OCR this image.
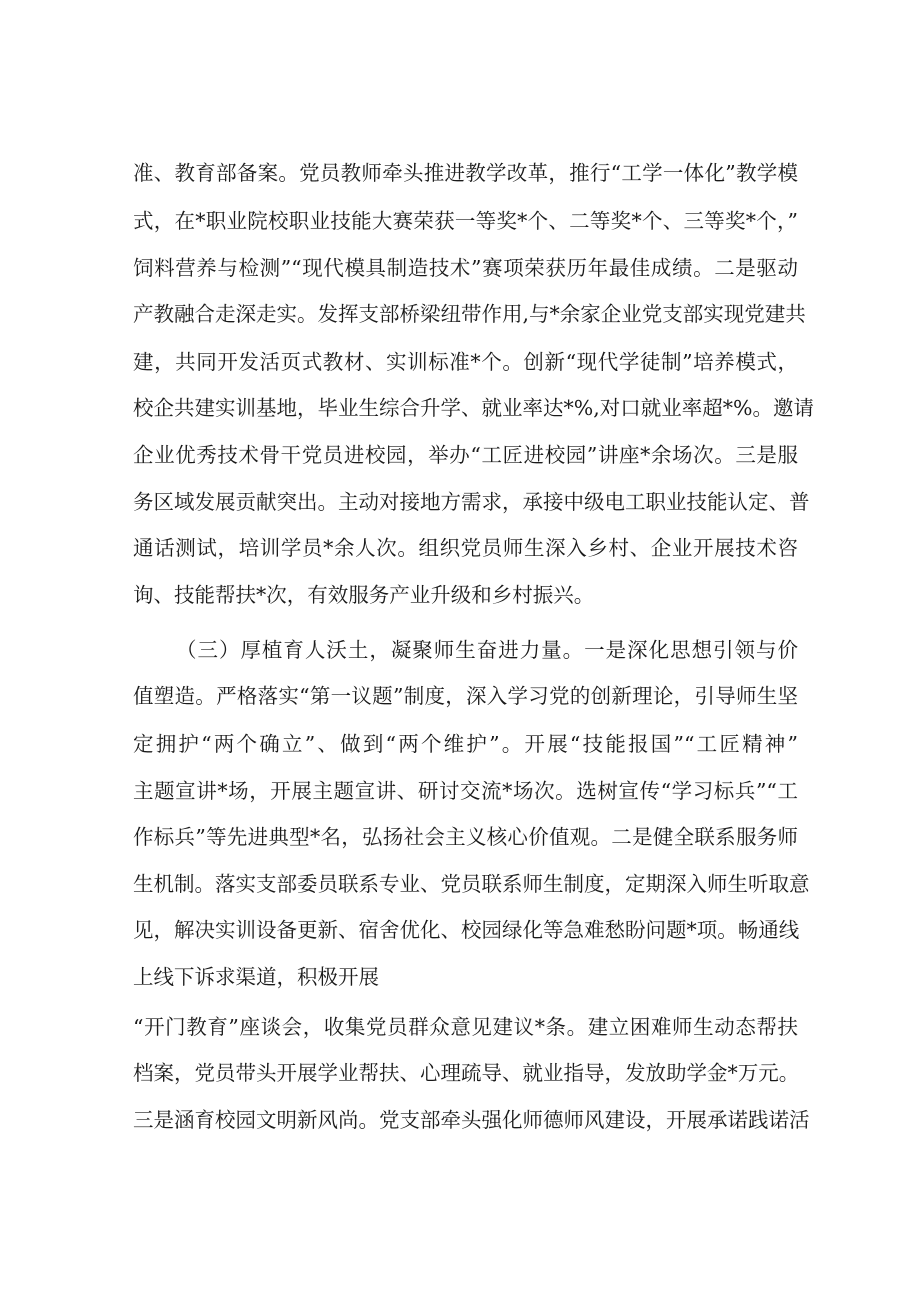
准、教育部备案。党员教师牵头推进教学改革，推行“工学一体化”教学模
式，在*职业院校职业技能大赛荣获一等奖*个、二等奖*个、三等奖*个，”
饲料营养与检测”“现代模具制造技术”赛项荣获历年最佳成绩。二是驱动
产教融合走深走实。发挥支部桥梁纽带作用,与*余家企业党支部实现党建共
建，共同开发活页式教材、实训标准*个。创新“现代学徒制”培养模式，
校企共建实训基地，毕业生综合升学、就业率达*%,对口就业率超*%。邀请
企业优秀技术骨干党员进校园，举办“工匠进校园”讲座*余场次。三是服
务区域发展贡献突出。主动对接地方需求，承接中级电工职业技能认定、普
通话测试，培训学员*余人次。组织党员师生深入乡村、企业开展技术咨
询、技能帮扶*次，有效服务产业升级和乡村振兴。
（三）厚植育人沃土，凝聚师生奋进力量。一是深化思想引领与价
值塑造。严格落实“第一议题”制度，深入学习党的创新理论，引导师生坚
定拥护“两个确立”、做到“两个维护”。开展“技能报国”“工匠精神”
主题宣讲*场，开展主题宣讲、研讨交流*场次。选树宣传“学习标兵”“工
作标兵”等先进典型*名，弘扬社会主义核心价值观。二是健全联系服务师
生机制。落实支部委员联系专业、党员联系师生制度，定期深入师生听取意
见，解决实训设备更新、宿舍优化、校园绿化等急难愁盼问题*项。畅通线
上线下诉求渠道，积极开展
“开门教育”座谈会，收集党员群众意见建议*条。建立困难师生动态帮扶
档案，党员带头开展学业帮扶、心理疏导、就业指导，发放助学金*万元。
三是涵育校园文明新风尚。党支部牵头强化师德师风建设，开展承诺践诺活
